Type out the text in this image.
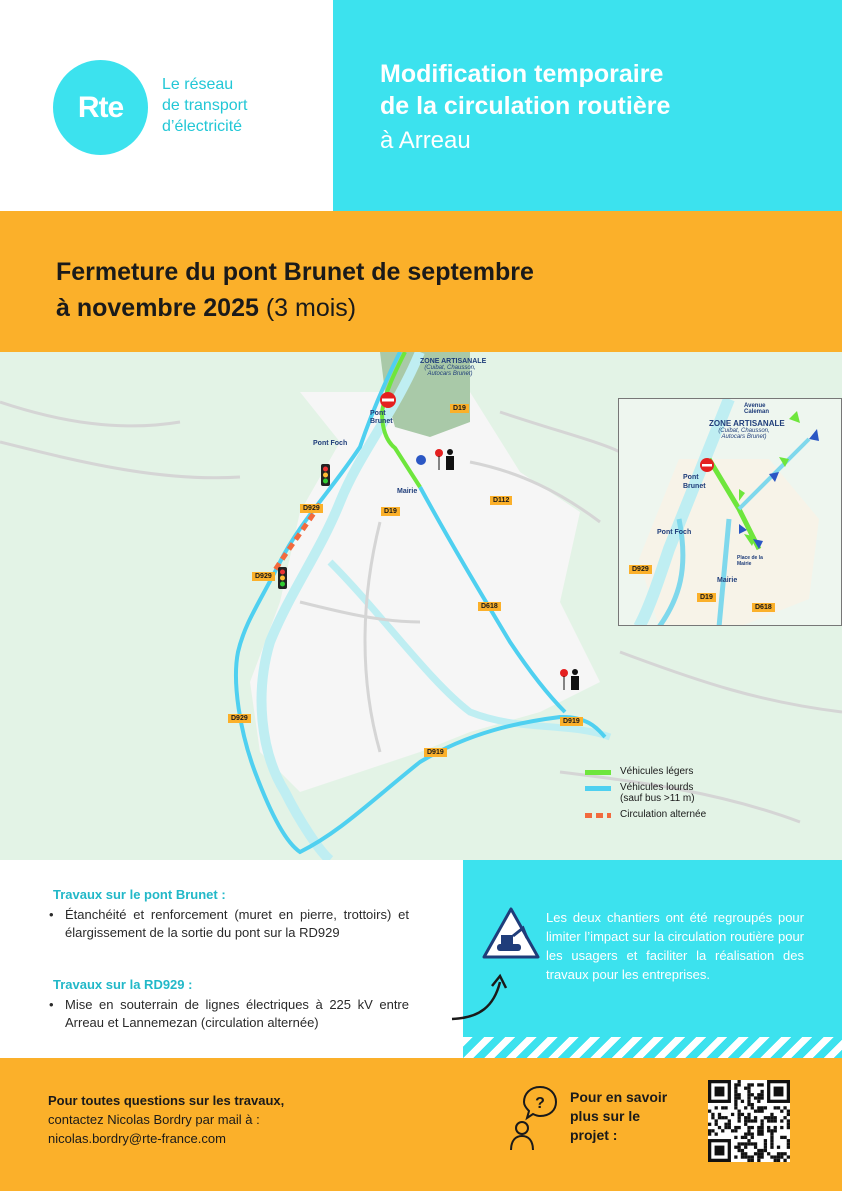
Rte
Le réseau
de transport
d’électricité
Modification temporaire
de la circulation routière
à Arreau
Fermeture du pont Brunet de septembre
à novembre 2025 (3 mois)
ZONE ARTISANALE
(Cuibat, Chausson, Autocars Brunet)
Pont Brunet
Pont Foch
Mairie
D19
D112
D19
D929
D929
D618
D929	D919
D919
ZONE ARTISANALE
(Cuibat, Chausson, Autocars Brunet)
Avenue Caleman
Pont Brunet
Pont Foch
Mairie
Place de la Mairie
D929
D19
D618
Véhicules légers
Véhicules lourds
(sauf bus >11 m)
Circulation alternée
Travaux sur le pont Brunet :
• Étanchéité et renforcement (muret en pierre, trottoirs) et élargissement de la sortie du pont sur la RD929
Travaux sur la RD929 :
• Mise en souterrain de lignes électriques à 225 kV entre Arreau et Lannemezan (circulation alternée)
Les deux chantiers ont été regroupés pour limiter l’impact sur la circulation routière pour les usagers et faciliter la réalisation des travaux pour les entreprises.
Pour toutes questions sur les travaux,
contactez Nicolas Bordry par mail à :
nicolas.bordry@rte-france.com
? Pour en savoir
plus sur le
projet :
